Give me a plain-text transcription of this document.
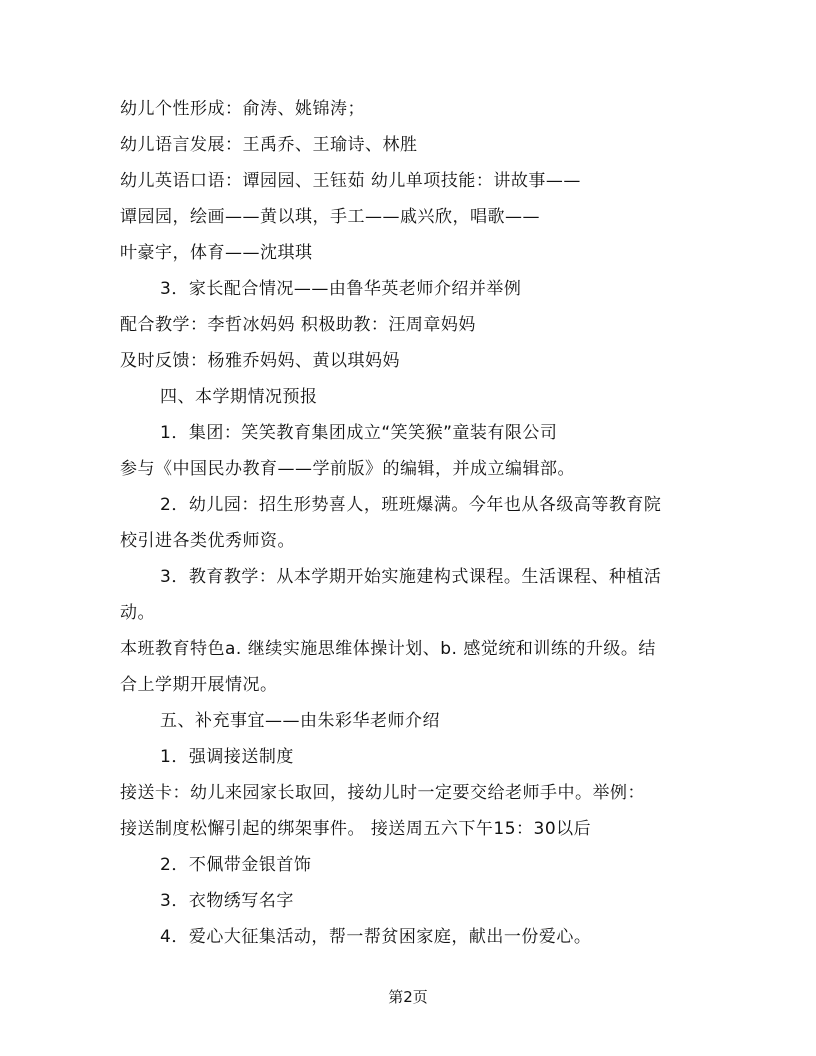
幼儿个性形成：俞涛、姚锦涛；
幼儿语言发展：王禹乔、王瑜诗、林胜
幼儿英语口语：谭园园、王钰茹 幼儿单项技能：讲故事——
谭园园，绘画——黄以琪，手工——戚兴欣，唱歌——
叶豪宇，体育——沈琪琪
3．家长配合情况——由鲁华英老师介绍并举例
配合教学：李哲冰妈妈 积极助教：汪周章妈妈
及时反馈：杨雅乔妈妈、黄以琪妈妈
四、本学期情况预报
1．集团：笑笑教育集团成立“笑笑猴”童装有限公司
参与《中国民办教育——学前版》的编辑，并成立编辑部。
2．幼儿园：招生形势喜人，班班爆满。今年也从各级高等教育院
校引进各类优秀师资。
3．教育教学：从本学期开始实施建构式课程。生活课程、种植活
动。
本班教育特色a. 继续实施思维体操计划、b. 感觉统和训练的升级。结
合上学期开展情况。
五、补充事宜——由朱彩华老师介绍
1．强调接送制度
接送卡：幼儿来园家长取回，接幼儿时一定要交给老师手中。举例：
接送制度松懈引起的绑架事件。 接送周五六下午15：30以后
2．不佩带金银首饰
3．衣物绣写名字
4．爱心大征集活动，帮一帮贫困家庭，献出一份爱心。
第2页
